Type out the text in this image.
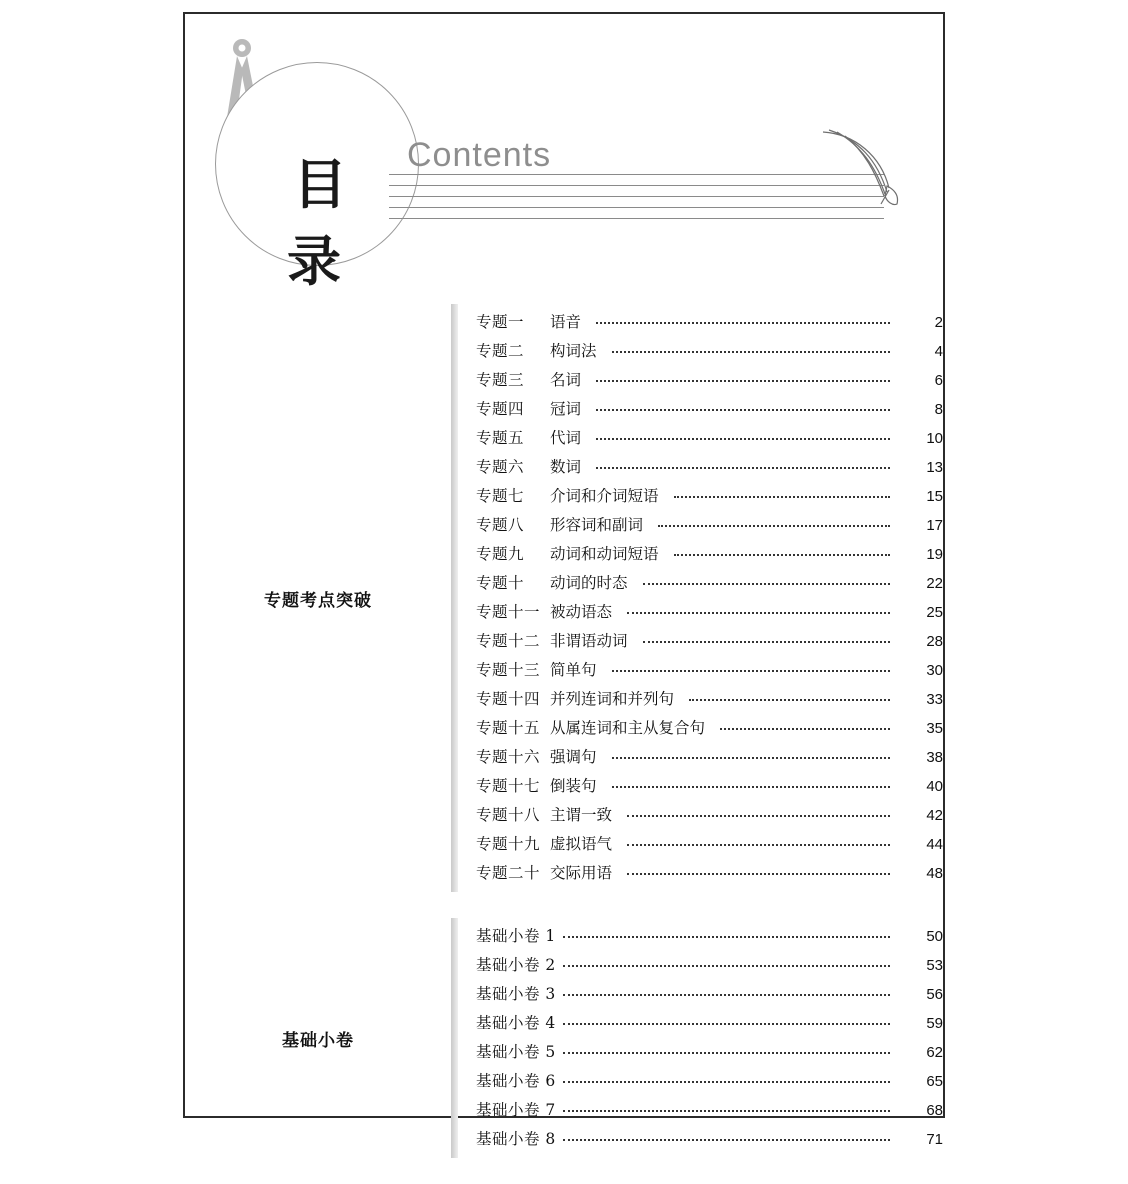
目 录
Contents
专题考点突破
专题一	语音	2
专题二	构词法	4
专题三	名词	6
专题四	冠词	8
专题五	代词	10
专题六	数词	13
专题七	介词和介词短语	15
专题八	形容词和副词	17
专题九	动词和动词短语	19
专题十	动词的时态	22
专题十一 被动语态	25
专题十二 非谓语动词	28
专题十三 简单句	30
专题十四 并列连词和并列句	33
专题十五 从属连词和主从复合句	35
专题十六 强调句	38
专题十七 倒装句	40
专题十八 主谓一致	42
专题十九 虚拟语气	44
专题二十 交际用语	48
基础小卷
基础小卷 1	50
基础小卷 2	53
基础小卷 3	56
基础小卷 4	59
基础小卷 5	62
基础小卷 6	65
基础小卷 7	68
基础小卷 8	71
